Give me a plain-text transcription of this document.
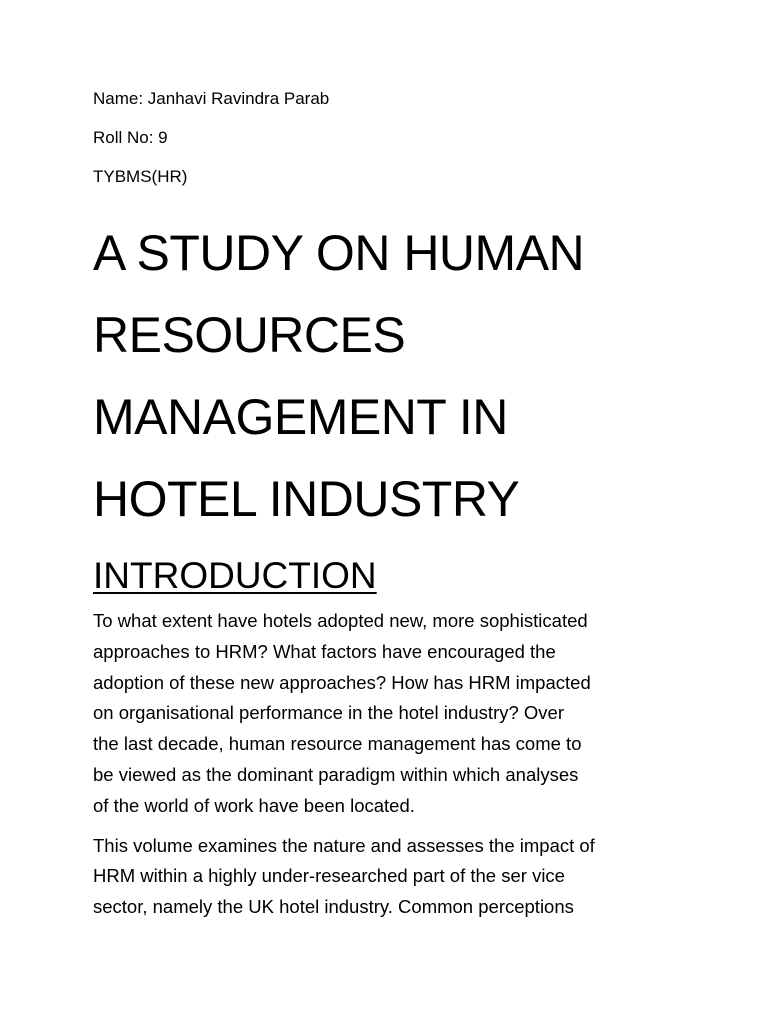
Name: Janhavi Ravindra Parab
Roll No: 9
TYBMS(HR)
A STUDY ON HUMAN
RESOURCES
MANAGEMENT IN
HOTEL INDUSTRY
INTRODUCTION

To what extent have hotels adopted new, more sophisticated
approaches to HRM? What factors have encouraged the
adoption of these new approaches? How has HRM impacted
on organisational performance in the hotel industry? Over
the last decade, human resource management has come to
be viewed as the dominant paradigm within which analyses
of the world of work have been located.

This volume examines the nature and assesses the impact of
HRM within a highly under-researched part of the ser vice
sector, namely the UK hotel industry. Common perceptions
